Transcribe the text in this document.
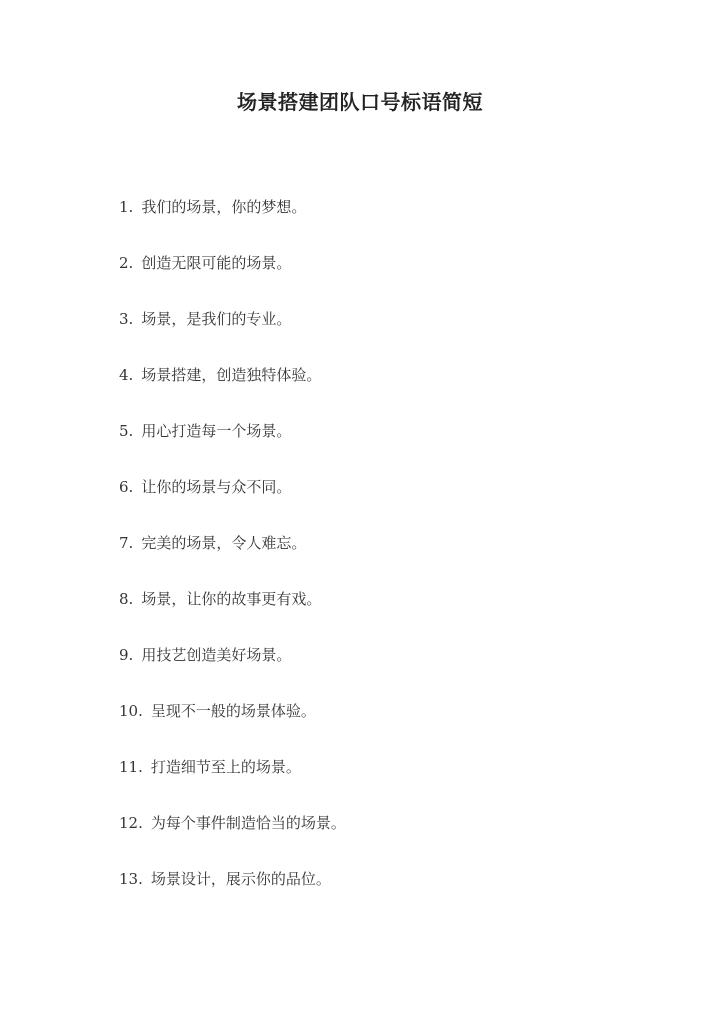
场景搭建团队口号标语简短
1. 我们的场景，你的梦想。
2. 创造无限可能的场景。
3. 场景，是我们的专业。
4. 场景搭建，创造独特体验。
5. 用心打造每一个场景。
6. 让你的场景与众不同。
7. 完美的场景，令人难忘。
8. 场景，让你的故事更有戏。
9. 用技艺创造美好场景。
10. 呈现不一般的场景体验。
11. 打造细节至上的场景。
12. 为每个事件制造恰当的场景。
13. 场景设计，展示你的品位。
